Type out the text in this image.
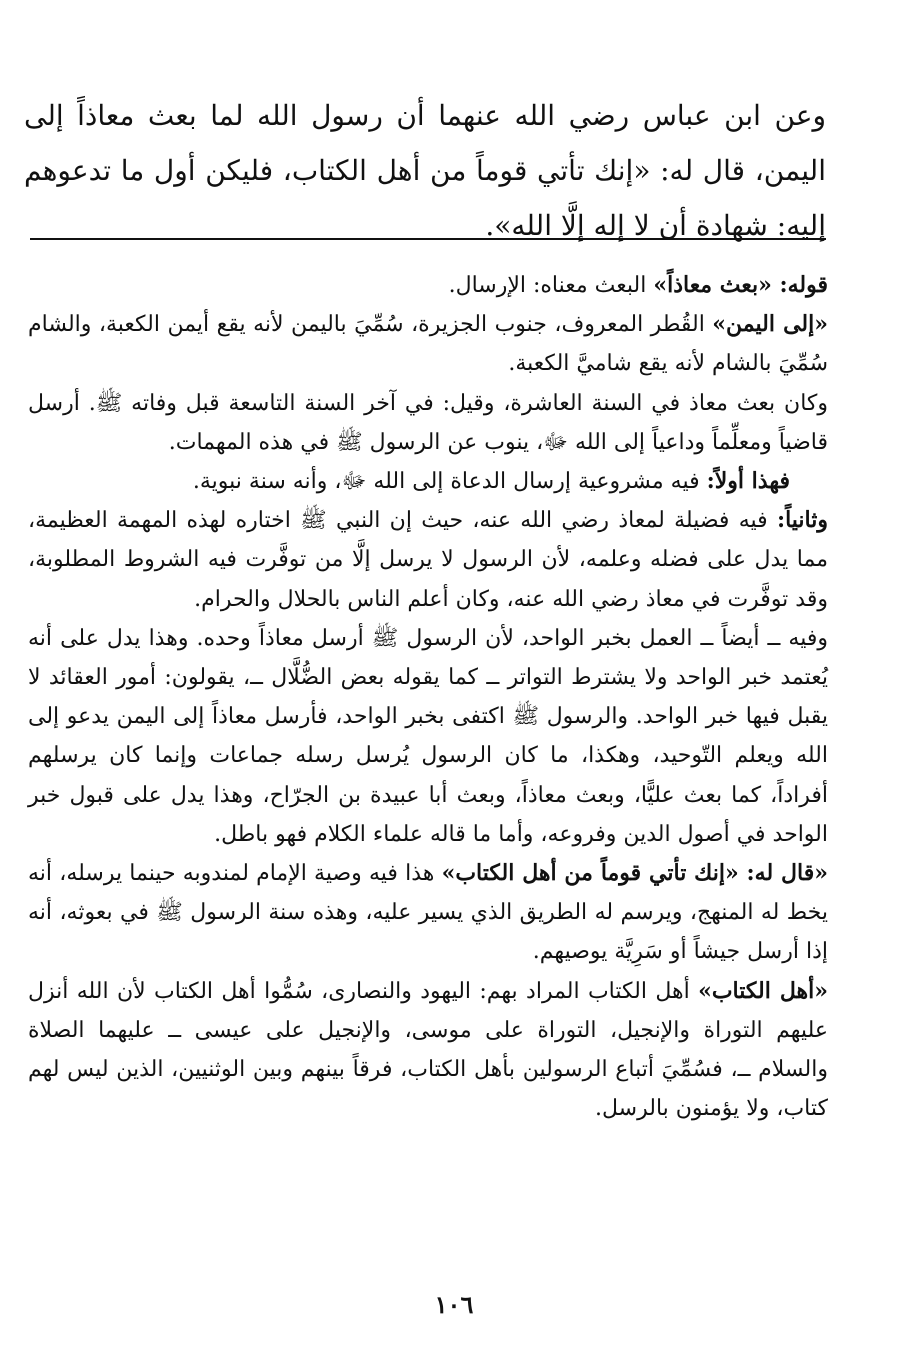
وعن ابن عباس رضي الله عنهما أن رسول الله لما بعث معاذاً إلى اليمن، قال له: «إنك تأتي قوماً من أهل الكتاب، فليكن أول ما تدعوهم إليه: شهادة أن لا إله إلَّا الله».

قوله: «بعث معاذاً» البعث معناه: الإرسال.

«إلى اليمن» القُطر المعروف، جنوب الجزيرة، سُمِّيَ باليمن لأنه يقع أيمن الكعبة، والشام سُمِّيَ بالشام لأنه يقع شاميَّ الكعبة.

وكان بعث معاذ في السنة العاشرة، وقيل: في آخر السنة التاسعة قبل وفاته ﷺ. أرسل قاضياً ومعلِّماً وداعياً إلى الله ﷻ، ينوب عن الرسول ﷺ في هذه المهمات.

فهذا أولاً: فيه مشروعية إرسال الدعاة إلى الله ﷻ، وأنه سنة نبوية.

وثانياً: فيه فضيلة لمعاذ رضي الله عنه، حيث إن النبي ﷺ اختاره لهذه المهمة العظيمة، مما يدل على فضله وعلمه، لأن الرسول لا يرسل إلَّا من توفَّرت فيه الشروط المطلوبة، وقد توفَّرت في معاذ رضي الله عنه، وكان أعلم الناس بالحلال والحرام.

وفيه ــ أيضاً ــ العمل بخبر الواحد، لأن الرسول ﷺ أرسل معاذاً وحده. وهذا يدل على أنه يُعتمد خبر الواحد ولا يشترط التواتر ــ كما يقوله بعض الضُّلَّال ــ، يقولون: أمور العقائد لا يقبل فيها خبر الواحد. والرسول ﷺ اكتفى بخبر الواحد، فأرسل معاذاً إلى اليمن يدعو إلى الله ويعلم التّوحيد، وهكذا، ما كان الرسول يُرسل رسله جماعات وإنما كان يرسلهم أفراداً، كما بعث عليًّا، وبعث معاذاً، وبعث أبا عبيدة بن الجرّاح، وهذا يدل على قبول خبر الواحد في أصول الدين وفروعه، وأما ما قاله علماء الكلام فهو باطل.

«قال له: «إنك تأتي قوماً من أهل الكتاب» هذا فيه وصية الإمام لمندوبه حينما يرسله، أنه يخط له المنهج، ويرسم له الطريق الذي يسير عليه، وهذه سنة الرسول ﷺ في بعوثه، أنه إذا أرسل جيشاً أو سَرِيَّة يوصيهم.

«أهل الكتاب» أهل الكتاب المراد بهم: اليهود والنصارى، سُمُّوا أهل الكتاب لأن الله أنزل عليهم التوراة والإنجيل، التوراة على موسى، والإنجيل على عيسى ــ عليهما الصلاة والسلام ــ، فسُمِّيَ أتباع الرسولين بأهل الكتاب، فرقاً بينهم وبين الوثنيين، الذين ليس لهم كتاب، ولا يؤمنون بالرسل.

١٠٦
